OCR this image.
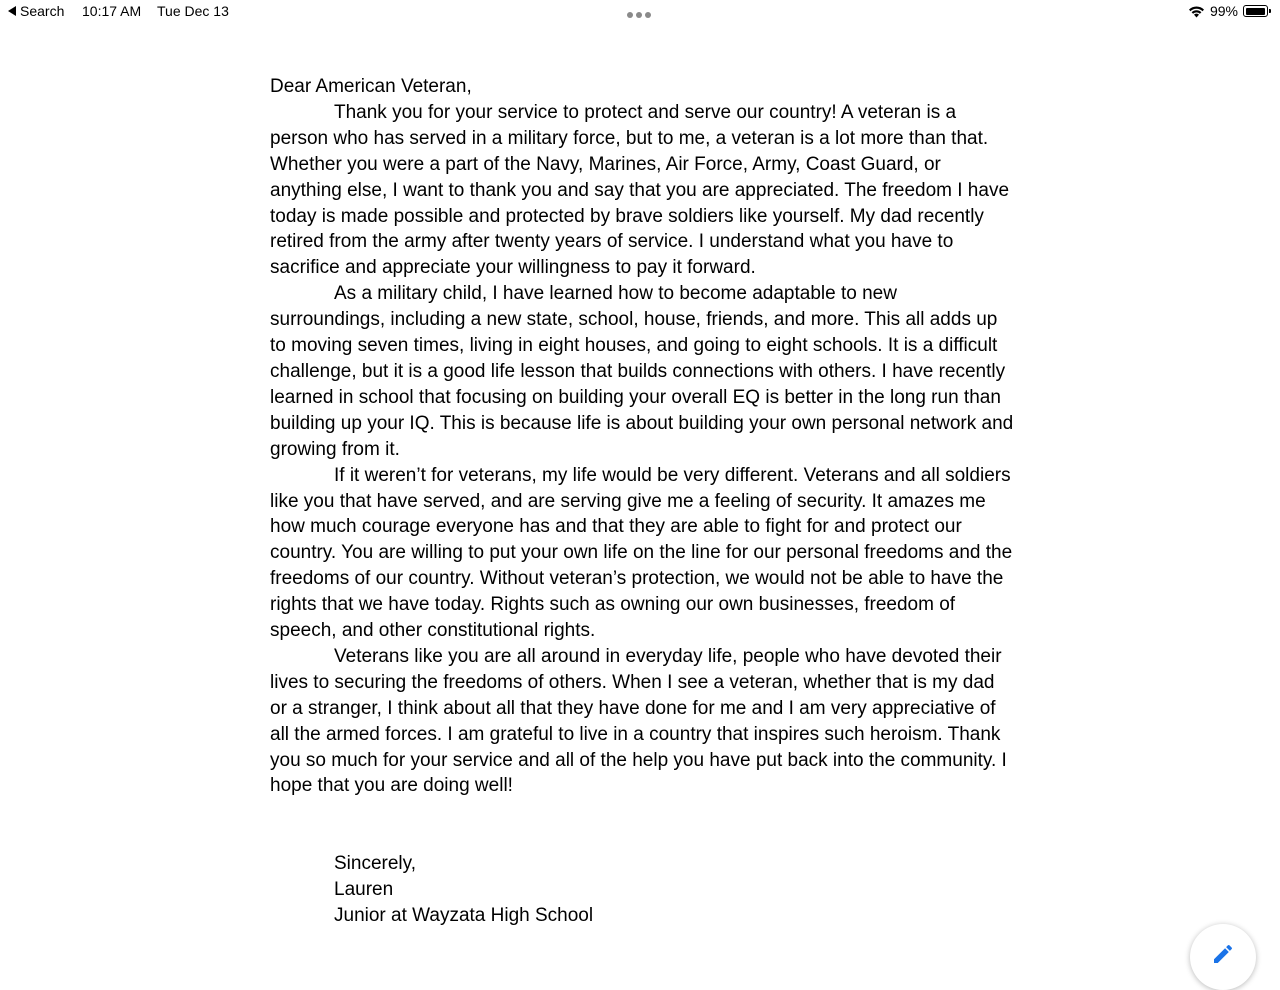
Search 10:17 AM Tue Dec 13	99%

Dear American Veteran,

Thank you for your service to protect and serve our country! A veteran is a person who has served in a military force, but to me, a veteran is a lot more than that. Whether you were a part of the Navy, Marines, Air Force, Army, Coast Guard, or anything else, I want to thank you and say that you are appreciated. The freedom I have today is made possible and protected by brave soldiers like yourself. My dad recently retired from the army after twenty years of service. I understand what you have to sacrifice and appreciate your willingness to pay it forward.

As a military child, I have learned how to become adaptable to new surroundings, including a new state, school, house, friends, and more. This all adds up to moving seven times, living in eight houses, and going to eight schools. It is a difficult challenge, but it is a good life lesson that builds connections with others. I have recently learned in school that focusing on building your overall EQ is better in the long run than building up your IQ. This is because life is about building your own personal network and growing from it.

If it weren’t for veterans, my life would be very different. Veterans and all soldiers like you that have served, and are serving give me a feeling of security. It amazes me how much courage everyone has and that they are able to fight for and protect our country. You are willing to put your own life on the line for our personal freedoms and the freedoms of our country. Without veteran’s protection, we would not be able to have the rights that we have today. Rights such as owning our own businesses, freedom of speech, and other constitutional rights.

Veterans like you are all around in everyday life, people who have devoted their lives to securing the freedoms of others. When I see a veteran, whether that is my dad or a stranger, I think about all that they have done for me and I am very appreciative of all the armed forces. I am grateful to live in a country that inspires such heroism. Thank you so much for your service and all of the help you have put back into the community. I hope that you are doing well!

Sincerely,
Lauren
Junior at Wayzata High School
